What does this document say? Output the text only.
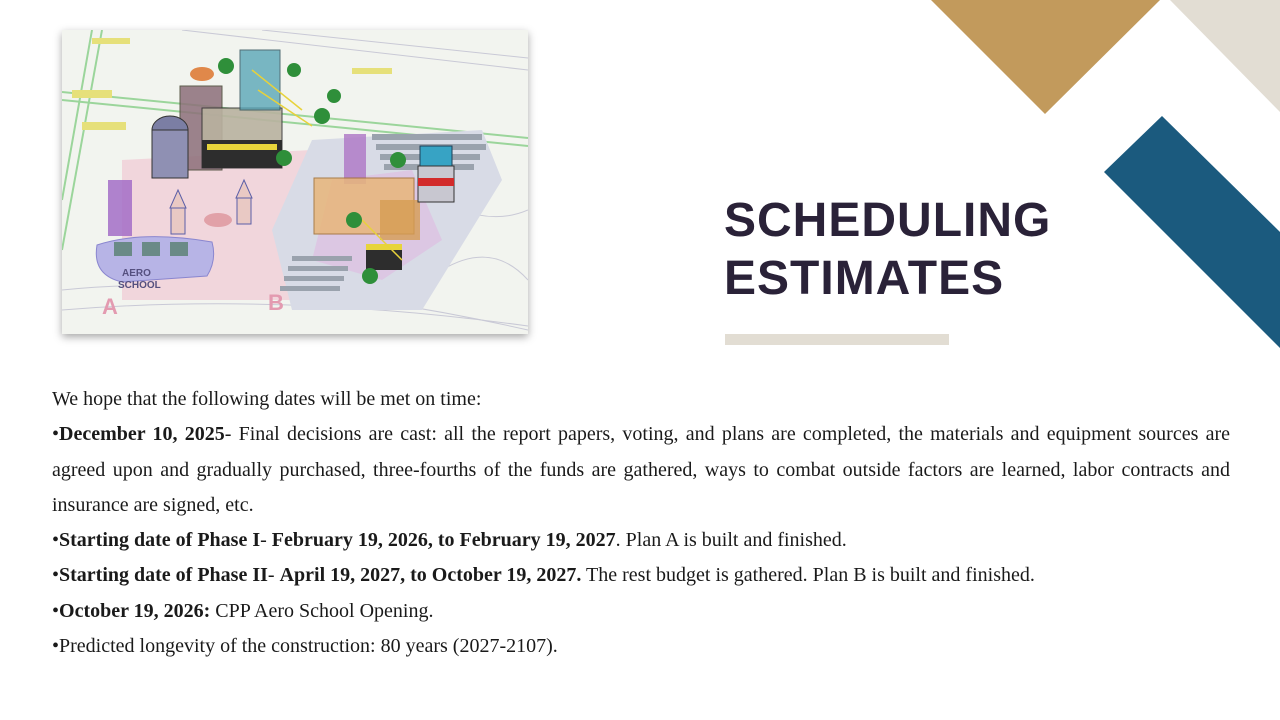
AERO
SCHOOL
A	B
SCHEDULING
ESTIMATES

We hope that the following dates will be met on time:

•December 10, 2025- Final decisions are cast: all the report papers, voting, and plans are completed, the materials and equipment sources are agreed upon and gradually purchased, three-fourths of the funds are gathered, ways to combat outside factors are learned, labor contracts and insurance are signed, etc.

•Starting date of Phase I- February 19, 2026, to February 19, 2027. Plan A is built and finished.

•Starting date of Phase II- April 19, 2027, to October 19, 2027. The rest budget is gathered. Plan B is built and finished.

•October 19, 2026: CPP Aero School Opening.

•Predicted longevity of the construction: 80 years (2027-2107).
